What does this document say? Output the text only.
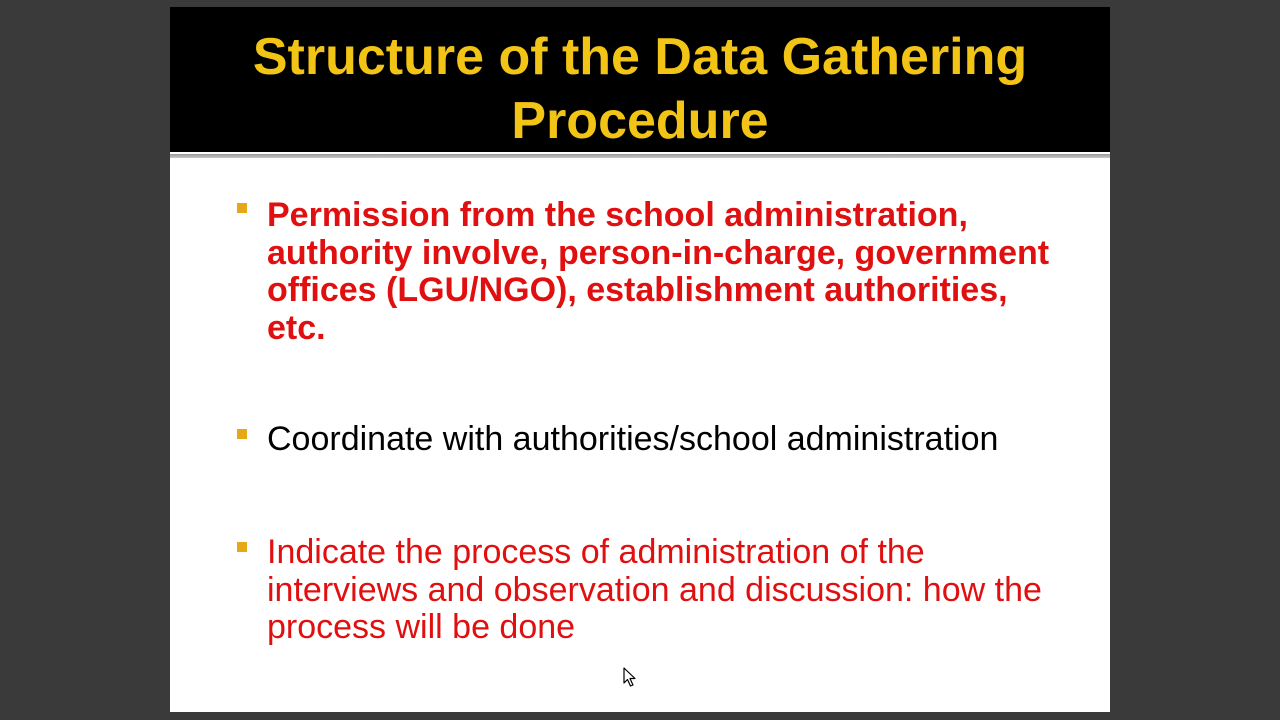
Structure of the Data Gathering Procedure

Permission from the school administration, authority involve, person-in-charge, government offices (LGU/NGO), establishment authorities, etc.

Coordinate with authorities/school administration

Indicate the process of administration of the interviews and observation and discussion: how the process will be done
